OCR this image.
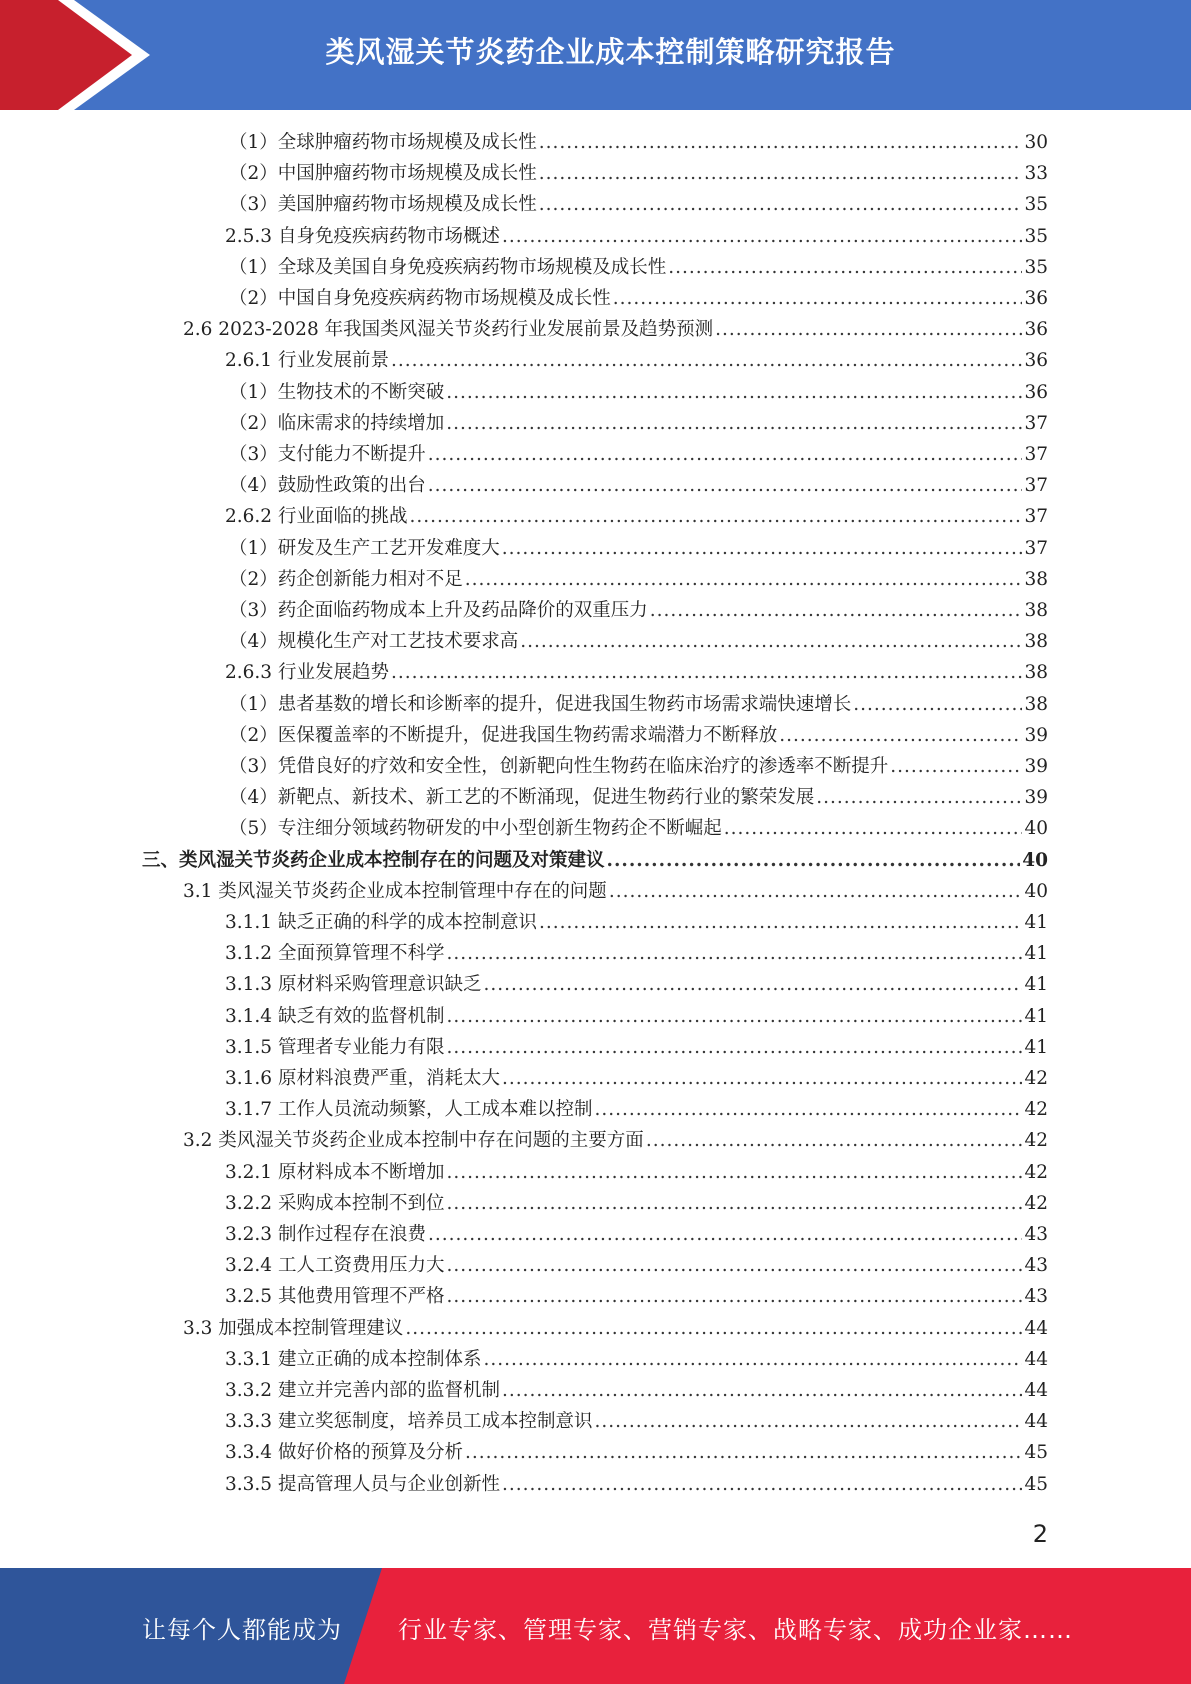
类风湿关节炎药企业成本控制策略研究报告
（1）全球肿瘤药物市场规模及成长性 .....	30
（2）中国肿瘤药物市场规模及成长性 .....	33
（3）美国肿瘤药物市场规模及成长性 .....	35
2.5.3 自身免疫疾病药物市场概述 .....	35
（1）全球及美国自身免疫疾病药物市场规模及成长性 .....	35
（2）中国自身免疫疾病药物市场规模及成长性 .....	36
2.6 2023-2028 年我国类风湿关节炎药行业发展前景及趋势预测 .....	36
2.6.1 行业发展前景 .....	36
（1）生物技术的不断突破 .....	36
（2）临床需求的持续增加 .....	37
（3）支付能力不断提升 .....	37
（4）鼓励性政策的出台 .....	37
2.6.2 行业面临的挑战 .....	37
（1）研发及生产工艺开发难度大 .....	37
（2）药企创新能力相对不足 .....	38
（3）药企面临药物成本上升及药品降价的双重压力 .....	38
（4）规模化生产对工艺技术要求高 .....	38
2.6.3 行业发展趋势 .....	38
（1）患者基数的增长和诊断率的提升，促进我国生物药市场需求端快速增长 .....	38
（2）医保覆盖率的不断提升，促进我国生物药需求端潜力不断释放 .....	39
（3）凭借良好的疗效和安全性，创新靶向性生物药在临床治疗的渗透率不断提升 .....	39
（4）新靶点、新技术、新工艺的不断涌现，促进生物药行业的繁荣发展 .....	39
（5）专注细分领域药物研发的中小型创新生物药企不断崛起 .....	40
三、类风湿关节炎药企业成本控制存在的问题及对策建议 .....	40
3.1 类风湿关节炎药企业成本控制管理中存在的问题 .....	40
3.1.1 缺乏正确的科学的成本控制意识 .....	41
3.1.2 全面预算管理不科学 .....	41
3.1.3 原材料采购管理意识缺乏 .....	41
3.1.4 缺乏有效的监督机制 .....	41
3.1.5 管理者专业能力有限 .....	41
3.1.6 原材料浪费严重，消耗太大 .....	42
3.1.7 工作人员流动频繁，人工成本难以控制 .....	42
3.2 类风湿关节炎药企业成本控制中存在问题的主要方面 .....	42
3.2.1 原材料成本不断增加 .....	42
3.2.2 采购成本控制不到位 .....	42
3.2.3 制作过程存在浪费 .....	43
3.2.4 工人工资费用压力大 .....	43
3.2.5 其他费用管理不严格 .....	43
3.3 加强成本控制管理建议 .....	44
3.3.1 建立正确的成本控制体系 .....	44
3.3.2 建立并完善内部的监督机制 .....	44
3.3.3 建立奖惩制度，培养员工成本控制意识 .....	44
3.3.4 做好价格的预算及分析 .....	45
3.3.5 提高管理人员与企业创新性 .....	45
2
让每个人都能成为 行业专家、管理专家、营销专家、战略专家、成功企业家……
